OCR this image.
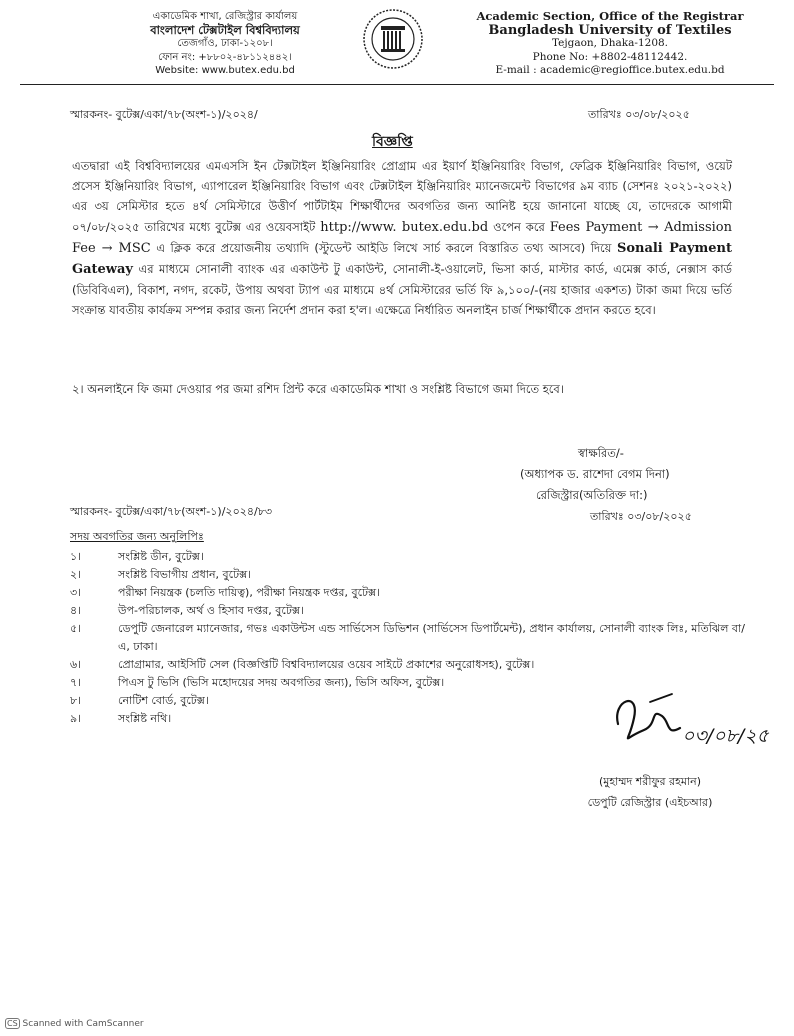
একাডেমিক শাখা, রেজিস্ট্রার কার্যালয়
বাংলাদেশ টেক্সটাইল বিশ্ববিদ্যালয়
তেজগাঁও, ঢাকা-১২০৮।
ফোন নং: +৮৮০২-৪৮১১২৪৪২।
Website: www.butex.edu.bd
Academic Section, Office of the Registrar
Bangladesh University of Textiles
Tejgaon, Dhaka-1208.
Phone No: +8802-48112442.
E-mail : academic@regioffice.butex.edu.bd
স্মারকনং- বুটেক্স/একা/৭৮(অংশ-১)/২০২৪/	তারিখঃ ০৩/০৮/২০২৫
বিজ্ঞপ্তি
এতদ্বারা এই বিশ্ববিদ্যালয়ের এমএসসি ইন টেক্সটাইল ইঞ্জিনিয়ারিং প্রোগ্রাম এর ইয়ার্ণ ইঞ্জিনিয়ারিং বিভাগ, ফেব্রিক ইঞ্জিনিয়ারিং বিভাগ, ওয়েট প্রসেস ইঞ্জিনিয়ারিং বিভাগ, এ্যাপারেল ইঞ্জিনিয়ারিং বিভাগ এবং টেক্সটাইল ইঞ্জিনিয়ারিং ম্যানেজমেন্ট বিভাগের ৯ম ব্যাচ (সেশনঃ ২০২১-২০২২) এর ৩য় সেমিস্টার হতে ৪র্থ সেমিস্টারে উত্তীর্ণ পার্টটাইম শিক্ষার্থীদের অবগতির জন্য আনিষ্ট হয়ে জানানো যাচ্ছে যে, তাদেরকে আগামী ০৭/০৮/২০২৫ তারিখের মধ্যে বুটেক্স এর ওয়েবসাইট http://www. butex.edu.bd ওপেন করে Fees Payment → Admission Fee → MSC এ ক্লিক করে প্রয়োজনীয় তথ্যাদি (স্টুডেন্ট আইডি লিখে সার্চ করলে বিস্তারিত তথ্য আসবে) দিয়ে Sonali Payment Gateway এর মাধ্যমে সোনালী ব্যাংক এর একাউন্ট টু একাউন্ট, সোনালী-ই-ওয়ালেট, ভিসা কার্ড, মাস্টার কার্ড, এমেক্স কার্ড, নেক্সাস কার্ড (ডিবিবিএল), বিকাশ, নগদ, রকেট, উপায় অথবা ট্যাপ এর মাধ্যমে ৪র্থ সেমিস্টারের ভর্তি ফি ৯,১০০/-(নয় হাজার একশত) টাকা জমা দিয়ে ভর্তি সংক্রান্ত যাবতীয় কার্যক্রম সম্পন্ন করার জন্য নির্দেশ প্রদান করা হ'ল। এক্ষেত্রে নির্ধারিত অনলাইন চার্জ শিক্ষার্থীকে প্রদান করতে হবে।
২। অনলাইনে ফি জমা দেওয়ার পর জমা রশিদ প্রিন্ট করে একাডেমিক শাখা ও সংশ্লিষ্ট বিভাগে জমা দিতে হবে।
স্বাক্ষরিত/-
(অধ্যাপক ড. রাশেদা বেগম দিনা)
রেজিস্ট্রার(অতিরিক্ত দা:)
স্মারকনং- বুটেক্স/একা/৭৮(অংশ-১)/২০২৪/৮৩	তারিখঃ ০৩/০৮/২০২৫
সদয় অবগতির জন্য অনুলিপিঃ
১।	সংশ্লিষ্ট ডীন, বুটেক্স।
২।	সংশ্লিষ্ট বিভাগীয় প্রধান, বুটেক্স।
৩।	পরীক্ষা নিয়ন্ত্রক (চলতি দায়িত্ব), পরীক্ষা নিয়ন্ত্রক দপ্তর, বুটেক্স।
৪।	উপ-পরিচালক, অর্থ ও হিসাব দপ্তর, বুটেক্স।
৫।	ডেপুটি জেনারেল ম্যানেজার, গভঃ একাউন্টস এন্ড সার্ভিসেস ডিভিশন (সার্ভিসেস ডিপার্টমেন্ট), প্রধান কার্যালয়, সোনালী ব্যাংক লিঃ, মতিঝিল বা/এ, ঢাকা।
৬।	প্রোগ্রামার, আইসিটি সেল (বিজ্ঞপ্তিটি বিশ্ববিদ্যালয়ের ওয়েব সাইটে প্রকাশের অনুরোধসহ), বুটেক্স।
৭।	পিএস টু ভিসি (ভিসি মহোদয়ের সদয় অবগতির জন্য), ভিসি অফিস, বুটেক্স।
৮।	নোটিশ বোর্ড, বুটেক্স।
৯।	সংশ্লিষ্ট নথি।
০৩/০৮/২৫
(মুহাম্মদ শরীফুর রহমান)
ডেপুটি রেজিস্ট্রার (এইচআর)
CS Scanned with CamScanner
